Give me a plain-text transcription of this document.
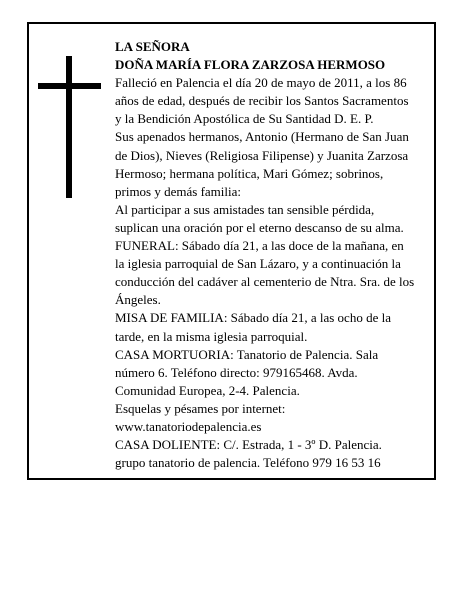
LA SEÑORA

DOÑA MARÍA FLORA ZARZOSA HERMOSO

Falleció en Palencia el día 20 de mayo de 2011, a los 86 años de edad, después de recibir los Santos Sacramentos y la Bendición Apostólica de Su Santidad D. E. P.

Sus apenados hermanos, Antonio (Hermano de San Juan de Dios), Nieves (Religiosa Filipense) y Juanita Zarzosa Hermoso; hermana política, Mari Gómez; sobrinos, primos y demás familia:

Al participar a sus amistades tan sensible pérdida, suplican una oración por el eterno descanso de su alma.

FUNERAL: Sábado día 21, a las doce de la mañana, en la iglesia parroquial de San Lázaro, y a continuación la conducción del cadáver al cementerio de Ntra. Sra. de los Ángeles.

MISA DE FAMILIA: Sábado día 21, a las ocho de la tarde, en la misma iglesia parroquial.

CASA MORTUORIA: Tanatorio de Palencia. Sala número 6. Teléfono directo: 979165468. Avda. Comunidad Europea, 2-4. Palencia.

Esquelas y pésames por internet: www.tanatoriodepalencia.es

CASA DOLIENTE: C/. Estrada, 1 - 3º D. Palencia.

grupo tanatorio de palencia. Teléfono 979 16 53 16
